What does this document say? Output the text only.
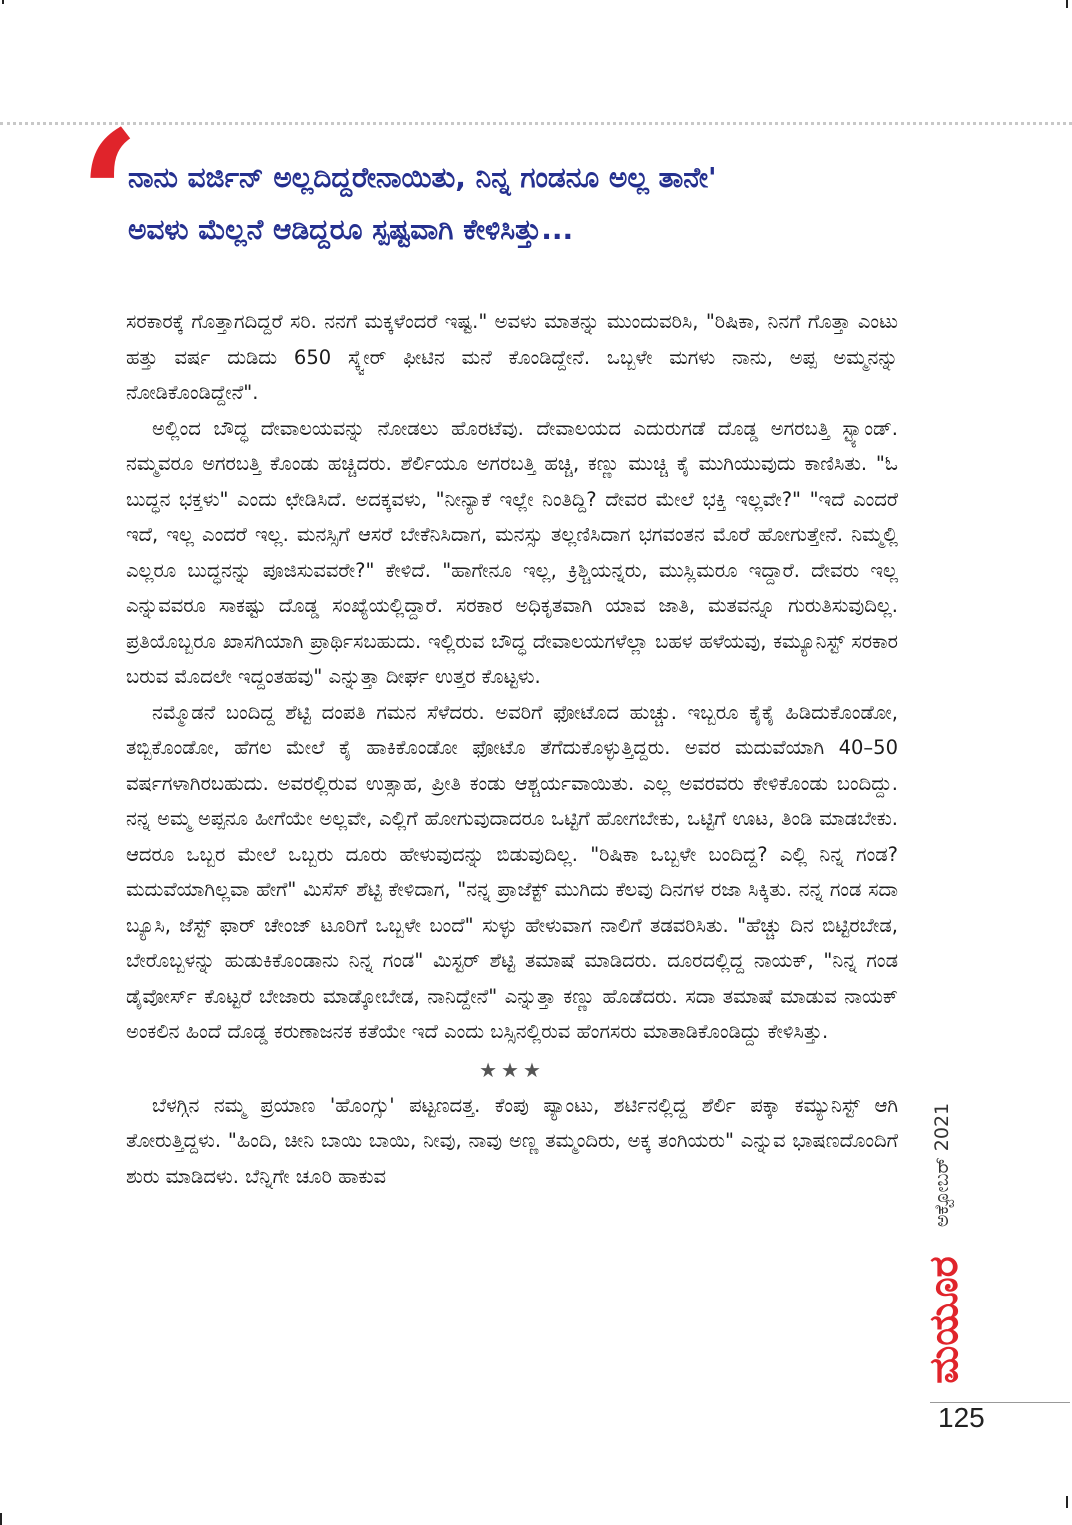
‘
ನಾನು ವರ್ಜಿನ್ ಅಲ್ಲದಿದ್ದರೇನಾಯಿತು, ನಿನ್ನ ಗಂಡನೂ ಅಲ್ಲ ತಾನೇ'
ಅವಳು ಮೆಲ್ಲನೆ ಆಡಿದ್ದರೂ ಸ್ಪಷ್ಟವಾಗಿ ಕೇಳಿಸಿತ್ತು...

ಸರಕಾರಕ್ಕೆ ಗೊತ್ತಾಗದಿದ್ದರೆ ಸರಿ. ನನಗೆ ಮಕ್ಕಳೆಂದರೆ ಇಷ್ಟ." ಅವಳು ಮಾತನ್ನು ಮುಂದುವರಿಸಿ, "ರಿಷಿಕಾ, ನಿನಗೆ ಗೊತ್ತಾ ಎಂಟು ಹತ್ತು ವರ್ಷ ದುಡಿದು 650 ಸ್ಕ್ವೇರ್ ಫೀಟಿನ ಮನೆ ಕೊಂಡಿದ್ದೇನೆ. ಒಬ್ಬಳೇ ಮಗಳು ನಾನು, ಅಪ್ಪ ಅಮ್ಮನನ್ನು ನೋಡಿಕೊಂಡಿದ್ದೇನೆ".

ಅಲ್ಲಿಂದ ಬೌದ್ಧ ದೇವಾಲಯವನ್ನು ನೋಡಲು ಹೊರಟೆವು. ದೇವಾಲಯದ ಎದುರುಗಡೆ ದೊಡ್ಡ ಅಗರಬತ್ತಿ ಸ್ಟ್ಯಾಂಡ್. ನಮ್ಮವರೂ ಅಗರಬತ್ತಿ ಕೊಂಡು ಹಚ್ಚಿದರು. ಶೆರ್ಲಿಯೂ ಅಗರಬತ್ತಿ ಹಚ್ಚಿ, ಕಣ್ಣು ಮುಚ್ಚಿ ಕೈ ಮುಗಿಯುವುದು ಕಾಣಿಸಿತು. "ಓ ಬುದ್ಧನ ಭಕ್ತಳು" ಎಂದು ಛೇಡಿಸಿದೆ. ಅದಕ್ಕವಳು, "ನೀನ್ಯಾಕೆ ಇಲ್ಲೇ ನಿಂತಿದ್ದಿ? ದೇವರ ಮೇಲೆ ಭಕ್ತಿ ಇಲ್ಲವೇ?" "ಇದೆ ಎಂದರೆ ಇದೆ, ಇಲ್ಲ ಎಂದರೆ ಇಲ್ಲ. ಮನಸ್ಸಿಗೆ ಆಸರೆ ಬೇಕೆನಿಸಿದಾಗ, ಮನಸ್ಸು ತಲ್ಲಣಿಸಿದಾಗ ಭಗವಂತನ ಮೊರೆ ಹೋಗುತ್ತೇನೆ. ನಿಮ್ಮಲ್ಲಿ ಎಲ್ಲರೂ ಬುದ್ಧನನ್ನು ಪೂಜಿಸುವವರೇ?" ಕೇಳಿದೆ. "ಹಾಗೇನೂ ಇಲ್ಲ, ಕ್ರಿಶ್ಚಿಯನ್ನರು, ಮುಸ್ಲಿಮರೂ ಇದ್ದಾರೆ. ದೇವರು ಇಲ್ಲ ಎನ್ನುವವರೂ ಸಾಕಷ್ಟು ದೊಡ್ಡ ಸಂಖ್ಯೆಯಲ್ಲಿದ್ದಾರೆ. ಸರಕಾರ ಅಧಿಕೃತವಾಗಿ ಯಾವ ಜಾತಿ, ಮತವನ್ನೂ ಗುರುತಿಸುವುದಿಲ್ಲ. ಪ್ರತಿಯೊಬ್ಬರೂ ಖಾಸಗಿಯಾಗಿ ಪ್ರಾರ್ಥಿಸಬಹುದು. ಇಲ್ಲಿರುವ ಬೌದ್ಧ ದೇವಾಲಯಗಳೆಲ್ಲಾ ಬಹಳ ಹಳೆಯವು, ಕಮ್ಯೂನಿಸ್ಟ್ ಸರಕಾರ ಬರುವ ಮೊದಲೇ ಇದ್ದಂತಹವು" ಎನ್ನುತ್ತಾ ದೀರ್ಘ ಉತ್ತರ ಕೊಟ್ಟಳು.

ನಮ್ಮೊಡನೆ ಬಂದಿದ್ದ ಶೆಟ್ಟಿ ದಂಪತಿ ಗಮನ ಸೆಳೆದರು. ಅವರಿಗೆ ಫೋಟೊದ ಹುಚ್ಚು. ಇಬ್ಬರೂ ಕೈಕೈ ಹಿಡಿದುಕೊಂಡೋ, ತಬ್ಬಿಕೊಂಡೋ, ಹೆಗಲ ಮೇಲೆ ಕೈ ಹಾಕಿಕೊಂಡೋ ಫೋಟೊ ತೆಗೆದುಕೊಳ್ಳುತ್ತಿದ್ದರು. ಅವರ ಮದುವೆಯಾಗಿ 40–50 ವರ್ಷಗಳಾಗಿರಬಹುದು. ಅವರಲ್ಲಿರುವ ಉತ್ಸಾಹ, ಪ್ರೀತಿ ಕಂಡು ಆಶ್ಚರ್ಯವಾಯಿತು. ಎಲ್ಲ ಅವರವರು ಕೇಳಿಕೊಂಡು ಬಂದಿದ್ದು. ನನ್ನ ಅಮ್ಮ ಅಪ್ಪನೂ ಹೀಗೆಯೇ ಅಲ್ಲವೇ, ಎಲ್ಲಿಗೆ ಹೋಗುವುದಾದರೂ ಒಟ್ಟಿಗೆ ಹೋಗಬೇಕು, ಒಟ್ಟಿಗೆ ಊಟ, ತಿಂಡಿ ಮಾಡಬೇಕು. ಆದರೂ ಒಬ್ಬರ ಮೇಲೆ ಒಬ್ಬರು ದೂರು ಹೇಳುವುದನ್ನು ಬಿಡುವುದಿಲ್ಲ. "ರಿಷಿಕಾ ಒಬ್ಬಳೇ ಬಂದಿದ್ದ? ಎಲ್ಲಿ ನಿನ್ನ ಗಂಡ? ಮದುವೆಯಾಗಿಲ್ಲವಾ ಹೇಗೆ" ಮಿಸೆಸ್ ಶೆಟ್ಟಿ ಕೇಳಿದಾಗ, "ನನ್ನ ಪ್ರಾಜೆಕ್ಟ್ ಮುಗಿದು ಕೆಲವು ದಿನಗಳ ರಜಾ ಸಿಕ್ಕಿತು. ನನ್ನ ಗಂಡ ಸದಾ ಬ್ಯೂಸಿ, ಜೆಸ್ಟ್ ಫಾರ್ ಚೇಂಜ್ ಟೂರಿಗೆ ಒಬ್ಬಳೇ ಬಂದೆ" ಸುಳ್ಳು ಹೇಳುವಾಗ ನಾಲಿಗೆ ತಡವರಿಸಿತು. "ಹೆಚ್ಚು ದಿನ ಬಿಟ್ಟಿರಬೇಡ, ಬೇರೊಬ್ಬಳನ್ನು ಹುಡುಕಿಕೊಂಡಾನು ನಿನ್ನ ಗಂಡ" ಮಿಸ್ಟರ್ ಶೆಟ್ಟಿ ತಮಾಷೆ ಮಾಡಿದರು. ದೂರದಲ್ಲಿದ್ದ ನಾಯಕ್, "ನಿನ್ನ ಗಂಡ ಡೈವೋರ್ಸ್ ಕೊಟ್ಟರೆ ಬೇಜಾರು ಮಾಡ್ಕೋಬೇಡ, ನಾನಿದ್ದೇನೆ" ಎನ್ನುತ್ತಾ ಕಣ್ಣು ಹೊಡೆದರು. ಸದಾ ತಮಾಷೆ ಮಾಡುವ ನಾಯಕ್ ಅಂಕಲಿನ ಹಿಂದೆ ದೊಡ್ಡ ಕರುಣಾಜನಕ ಕತೆಯೇ ಇದೆ ಎಂದು ಬಸ್ಸಿನಲ್ಲಿರುವ ಹೆಂಗಸರು ಮಾತಾಡಿಕೊಂಡಿದ್ದು ಕೇಳಿಸಿತ್ತು.

★★★

ಬೆಳಗ್ಗಿನ ನಮ್ಮ ಪ್ರಯಾಣ 'ಹೊಂಗ್ಸು' ಪಟ್ಟಣದತ್ತ. ಕೆಂಪು ಪ್ಯಾಂಟು, ಶರ್ಟಿನಲ್ಲಿದ್ದ ಶೆರ್ಲಿ ಪಕ್ಕಾ ಕಮ್ಯುನಿಸ್ಟ್ ಆಗಿ ತೋರುತ್ತಿದ್ದಳು. "ಹಿಂದಿ, ಚೀನಿ ಬಾಯಿ ಬಾಯಿ, ನೀವು, ನಾವು ಅಣ್ಣ ತಮ್ಮಂದಿರು, ಅಕ್ಕ ತಂಗಿಯರು" ಎನ್ನುವ ಭಾಷಣದೊಂದಿಗೆ ಶುರು ಮಾಡಿದಳು. ಬೆನ್ನಿಗೇ ಚೂರಿ ಹಾಕುವ	ಅಕ್ಟೋಬರ್ 2021
ಮಯೂರ
125
